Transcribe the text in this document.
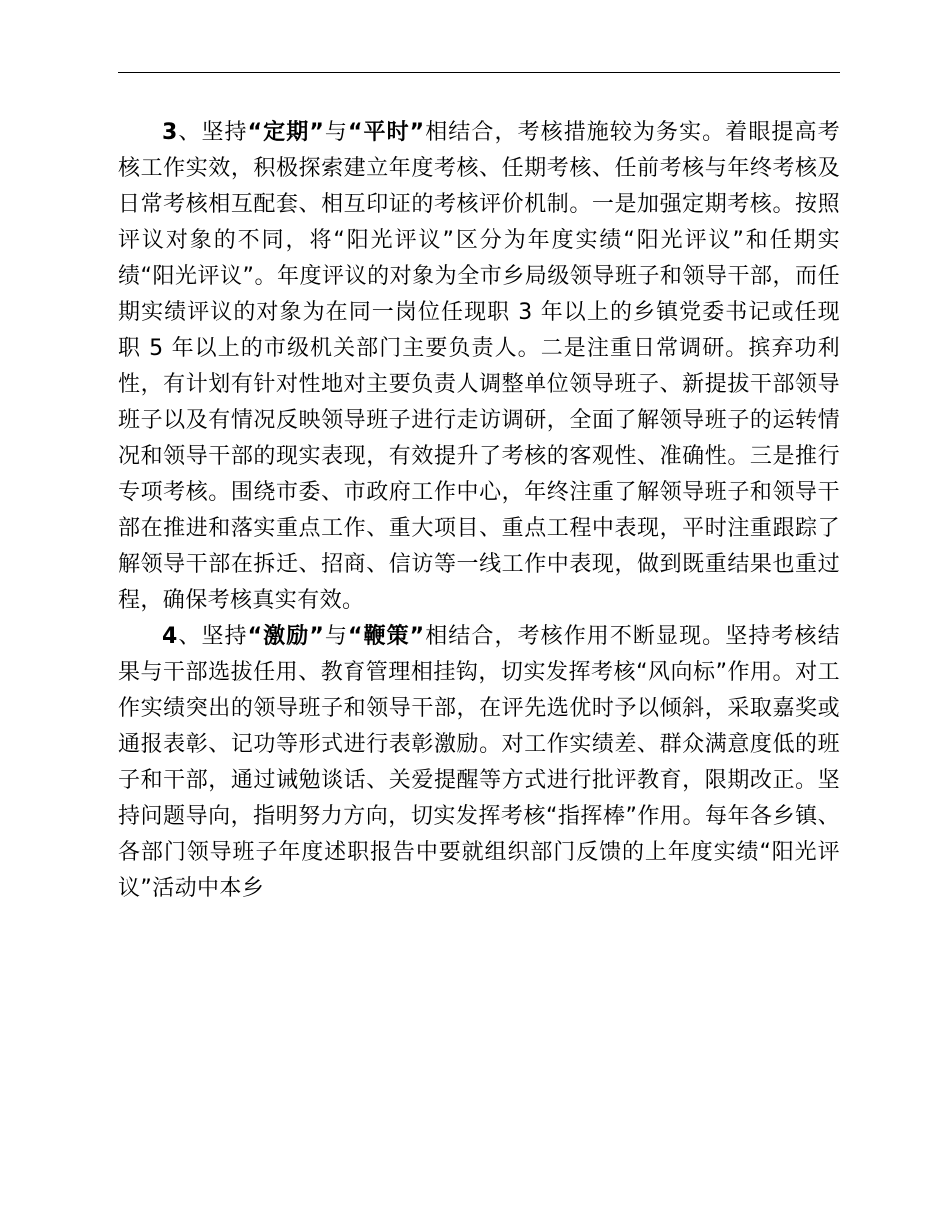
3、坚持“定期”与“平时”相结合，考核措施较为务实。着眼提高考核工作实效，积极探索建立年度考核、任期考核、任前考核与年终考核及日常考核相互配套、相互印证的考核评价机制。一是加强定期考核。按照评议对象的不同，将“阳光评议”区分为年度实绩“阳光评议”和任期实绩“阳光评议”。年度评议的对象为全市乡局级领导班子和领导干部，而任期实绩评议的对象为在同一岗位任现职 3 年以上的乡镇党委书记或任现职 5 年以上的市级机关部门主要负责人。二是注重日常调研。摈弃功利性，有计划有针对性地对主要负责人调整单位领导班子、新提拔干部领导班子以及有情况反映领导班子进行走访调研，全面了解领导班子的运转情况和领导干部的现实表现，有效提升了考核的客观性、准确性。三是推行专项考核。围绕市委、市政府工作中心，年终注重了解领导班子和领导干部在推进和落实重点工作、重大项目、重点工程中表现，平时注重跟踪了解领导干部在拆迁、招商、信访等一线工作中表现，做到既重结果也重过程，确保考核真实有效。

4、坚持“激励”与“鞭策”相结合，考核作用不断显现。坚持考核结果与干部选拔任用、教育管理相挂钩，切实发挥考核“风向标”作用。对工作实绩突出的领导班子和领导干部，在评先选优时予以倾斜，采取嘉奖或通报表彰、记功等形式进行表彰激励。对工作实绩差、群众满意度低的班子和干部，通过诫勉谈话、关爱提醒等方式进行批评教育，限期改正。坚持问题导向，指明努力方向，切实发挥考核“指挥棒”作用。每年各乡镇、各部门领导班子年度述职报告中要就组织部门反馈的上年度实绩“阳光评议”活动中本乡
